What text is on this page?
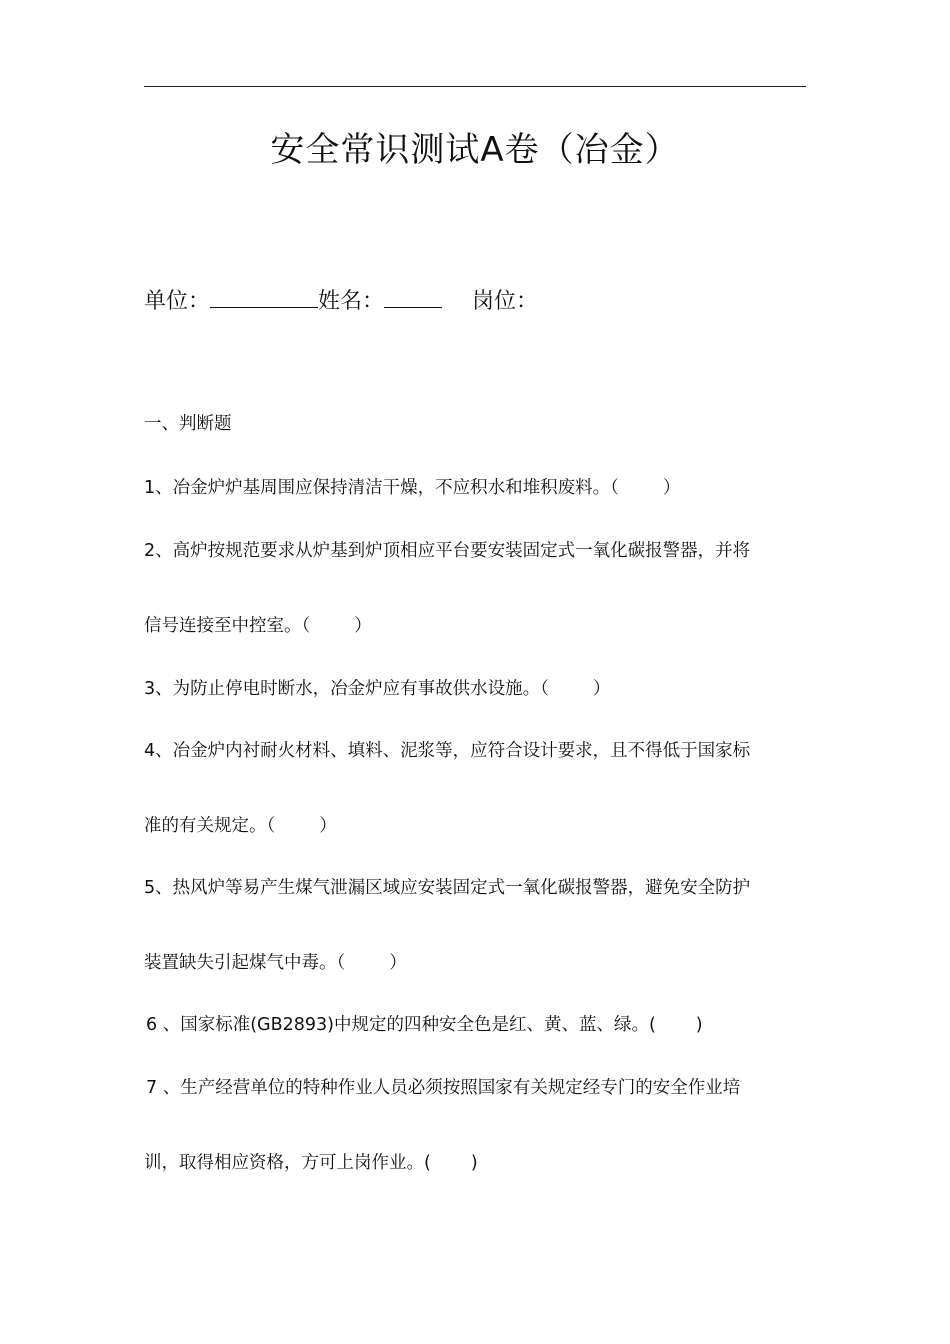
安全常识测试A卷（冶金）
单位：	姓名：	岗位：
一、判断题
1、冶金炉炉基周围应保持清洁干燥，不应积水和堆积废料。（	）
2、高炉按规范要求从炉基到炉顶相应平台要安装固定式一氧化碳报警器，并将
信号连接至中控室。（	）
3、为防止停电时断水，冶金炉应有事故供水设施。（	）
4、冶金炉内衬耐火材料、填料、泥浆等，应符合设计要求，且不得低于国家标
准的有关规定。（	）
5、热风炉等易产生煤气泄漏区域应安装固定式一氧化碳报警器，避免安全防护
装置缺失引起煤气中毒。（	）
6 、国家标准(GB2893)中规定的四种安全色是红、黄、蓝、绿。( )
7 、生产经营单位的特种作业人员必须按照国家有关规定经专门的安全作业培
训，取得相应资格，方可上岗作业。( )
